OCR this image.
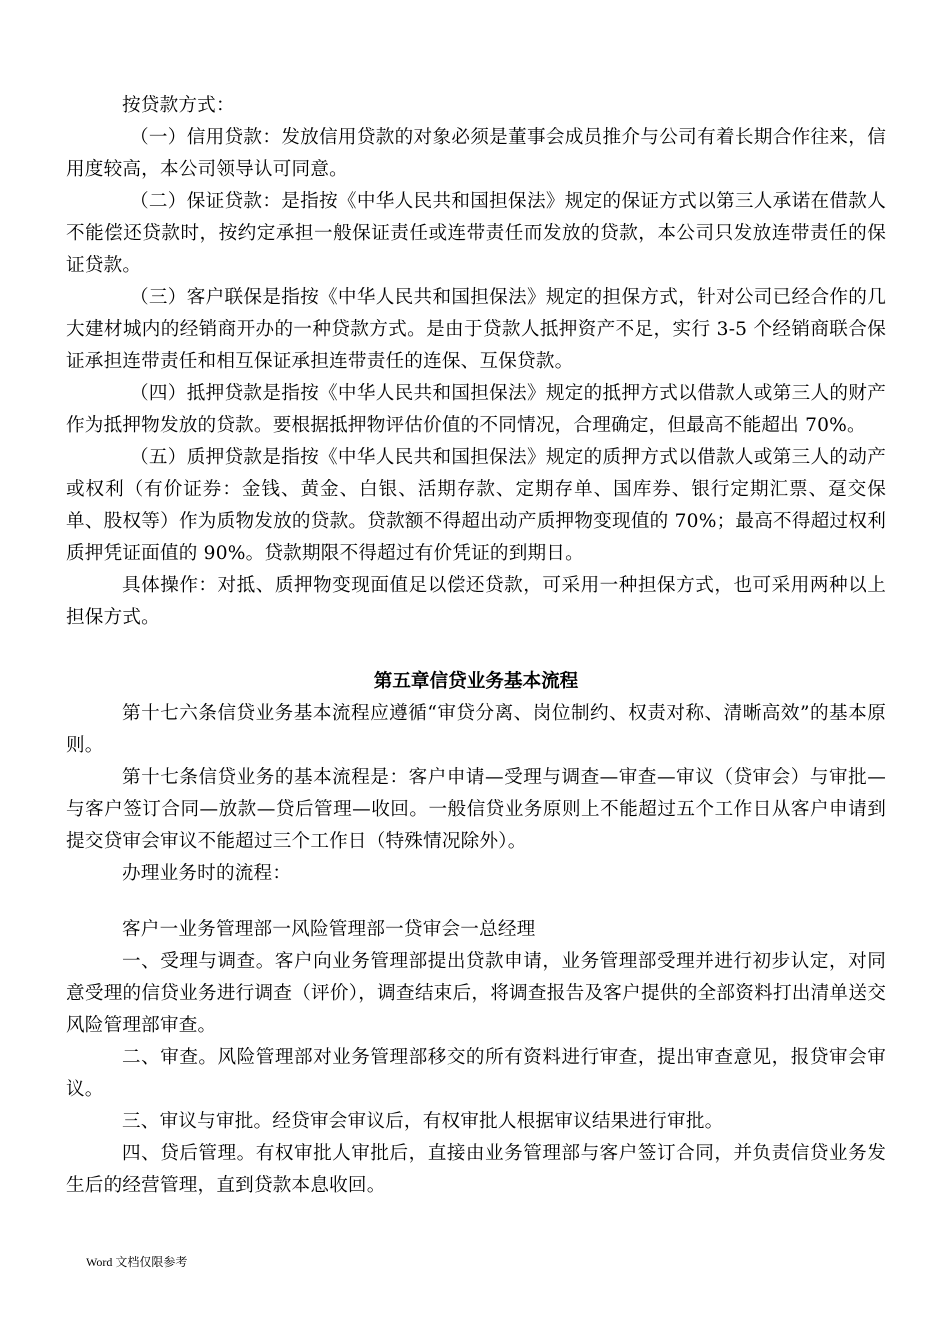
按贷款方式：

（一）信用贷款：发放信用贷款的对象必须是董事会成员推介与公司有着长期合作往来，信用度较高，本公司领导认可同意。

（二）保证贷款：是指按《中华人民共和国担保法》规定的保证方式以第三人承诺在借款人不能偿还贷款时，按约定承担一般保证责任或连带责任而发放的贷款，本公司只发放连带责任的保证贷款。

（三）客户联保是指按《中华人民共和国担保法》规定的担保方式，针对公司已经合作的几大建材城内的经销商开办的一种贷款方式。是由于贷款人抵押资产不足，实行 3-5 个经销商联合保证承担连带责任和相互保证承担连带责任的连保、互保贷款。

（四）抵押贷款是指按《中华人民共和国担保法》规定的抵押方式以借款人或第三人的财产作为抵押物发放的贷款。要根据抵押物评估价值的不同情况，合理确定，但最高不能超出 70%。

（五）质押贷款是指按《中华人民共和国担保法》规定的质押方式以借款人或第三人的动产或权利（有价证券：金钱、黄金、白银、活期存款、定期存单、国库券、银行定期汇票、趸交保单、股权等）作为质物发放的贷款。贷款额不得超出动产质押物变现值的 70%；最高不得超过权利质押凭证面值的 90%。贷款期限不得超过有价凭证的到期日。

具体操作：对抵、质押物变现面值足以偿还贷款，可采用一种担保方式，也可采用两种以上担保方式。

第五章信贷业务基本流程

第十七六条信贷业务基本流程应遵循“审贷分离、岗位制约、权责对称、清晰高效”的基本原则。

第十七条信贷业务的基本流程是：客户申请—受理与调查—审查—审议（贷审会）与审批—与客户签订合同—放款—贷后管理—收回。一般信贷业务原则上不能超过五个工作日从客户申请到提交贷审会审议不能超过三个工作日（特殊情况除外）。

办理业务时的流程：

客户一业务管理部一风险管理部一贷审会一总经理

一、受理与调查。客户向业务管理部提出贷款申请，业务管理部受理并进行初步认定，对同意受理的信贷业务进行调查（评价），调查结束后，将调查报告及客户提供的全部资料打出清单送交风险管理部审查。

二、审查。风险管理部对业务管理部移交的所有资料进行审查，提出审查意见，报贷审会审议。

三、审议与审批。经贷审会审议后，有权审批人根据审议结果进行审批。

四、贷后管理。有权审批人审批后，直接由业务管理部与客户签订合同，并负责信贷业务发生后的经营管理，直到贷款本息收回。

Word 文档仅限参考
